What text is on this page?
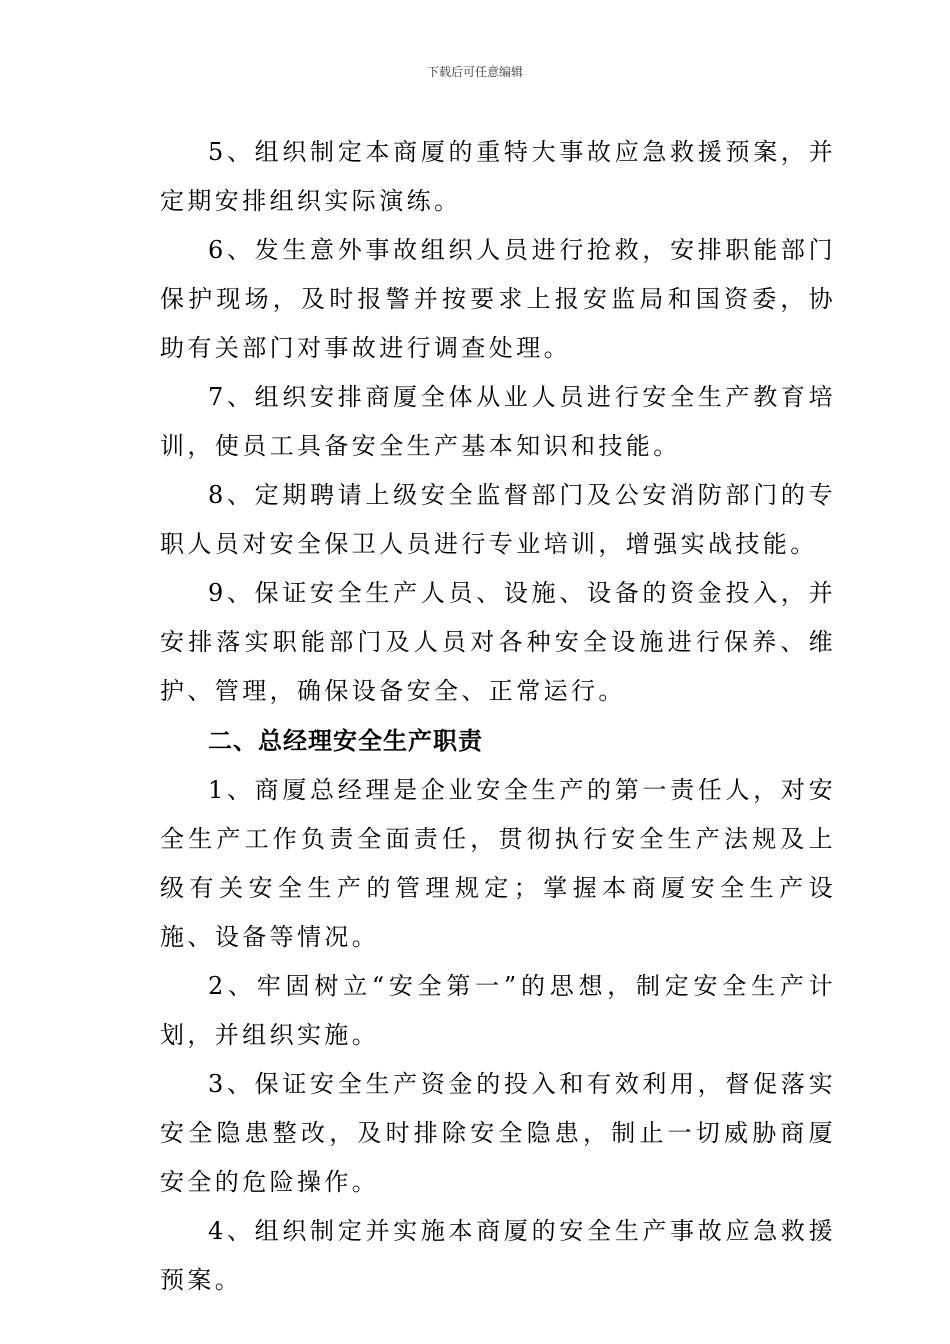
下载后可任意编辑

5、组织制定本商厦的重特大事故应急救援预案，并定期安排组织实际演练。

6、发生意外事故组织人员进行抢救，安排职能部门保护现场，及时报警并按要求上报安监局和国资委，协助有关部门对事故进行调查处理。

7、组织安排商厦全体从业人员进行安全生产教育培训，使员工具备安全生产基本知识和技能。

8、定期聘请上级安全监督部门及公安消防部门的专职人员对安全保卫人员进行专业培训，增强实战技能。

9、保证安全生产人员、设施、设备的资金投入，并安排落实职能部门及人员对各种安全设施进行保养、维护、管理，确保设备安全、正常运行。

二、总经理安全生产职责

1、商厦总经理是企业安全生产的第一责任人，对安全生产工作负责全面责任，贯彻执行安全生产法规及上级有关安全生产的管理规定；掌握本商厦安全生产设施、设备等情况。

2、牢固树立“安全第一”的思想，制定安全生产计划，并组织实施。

3、保证安全生产资金的投入和有效利用，督促落实安全隐患整改，及时排除安全隐患，制止一切威胁商厦安全的危险操作。

4、组织制定并实施本商厦的安全生产事故应急救援预案。
